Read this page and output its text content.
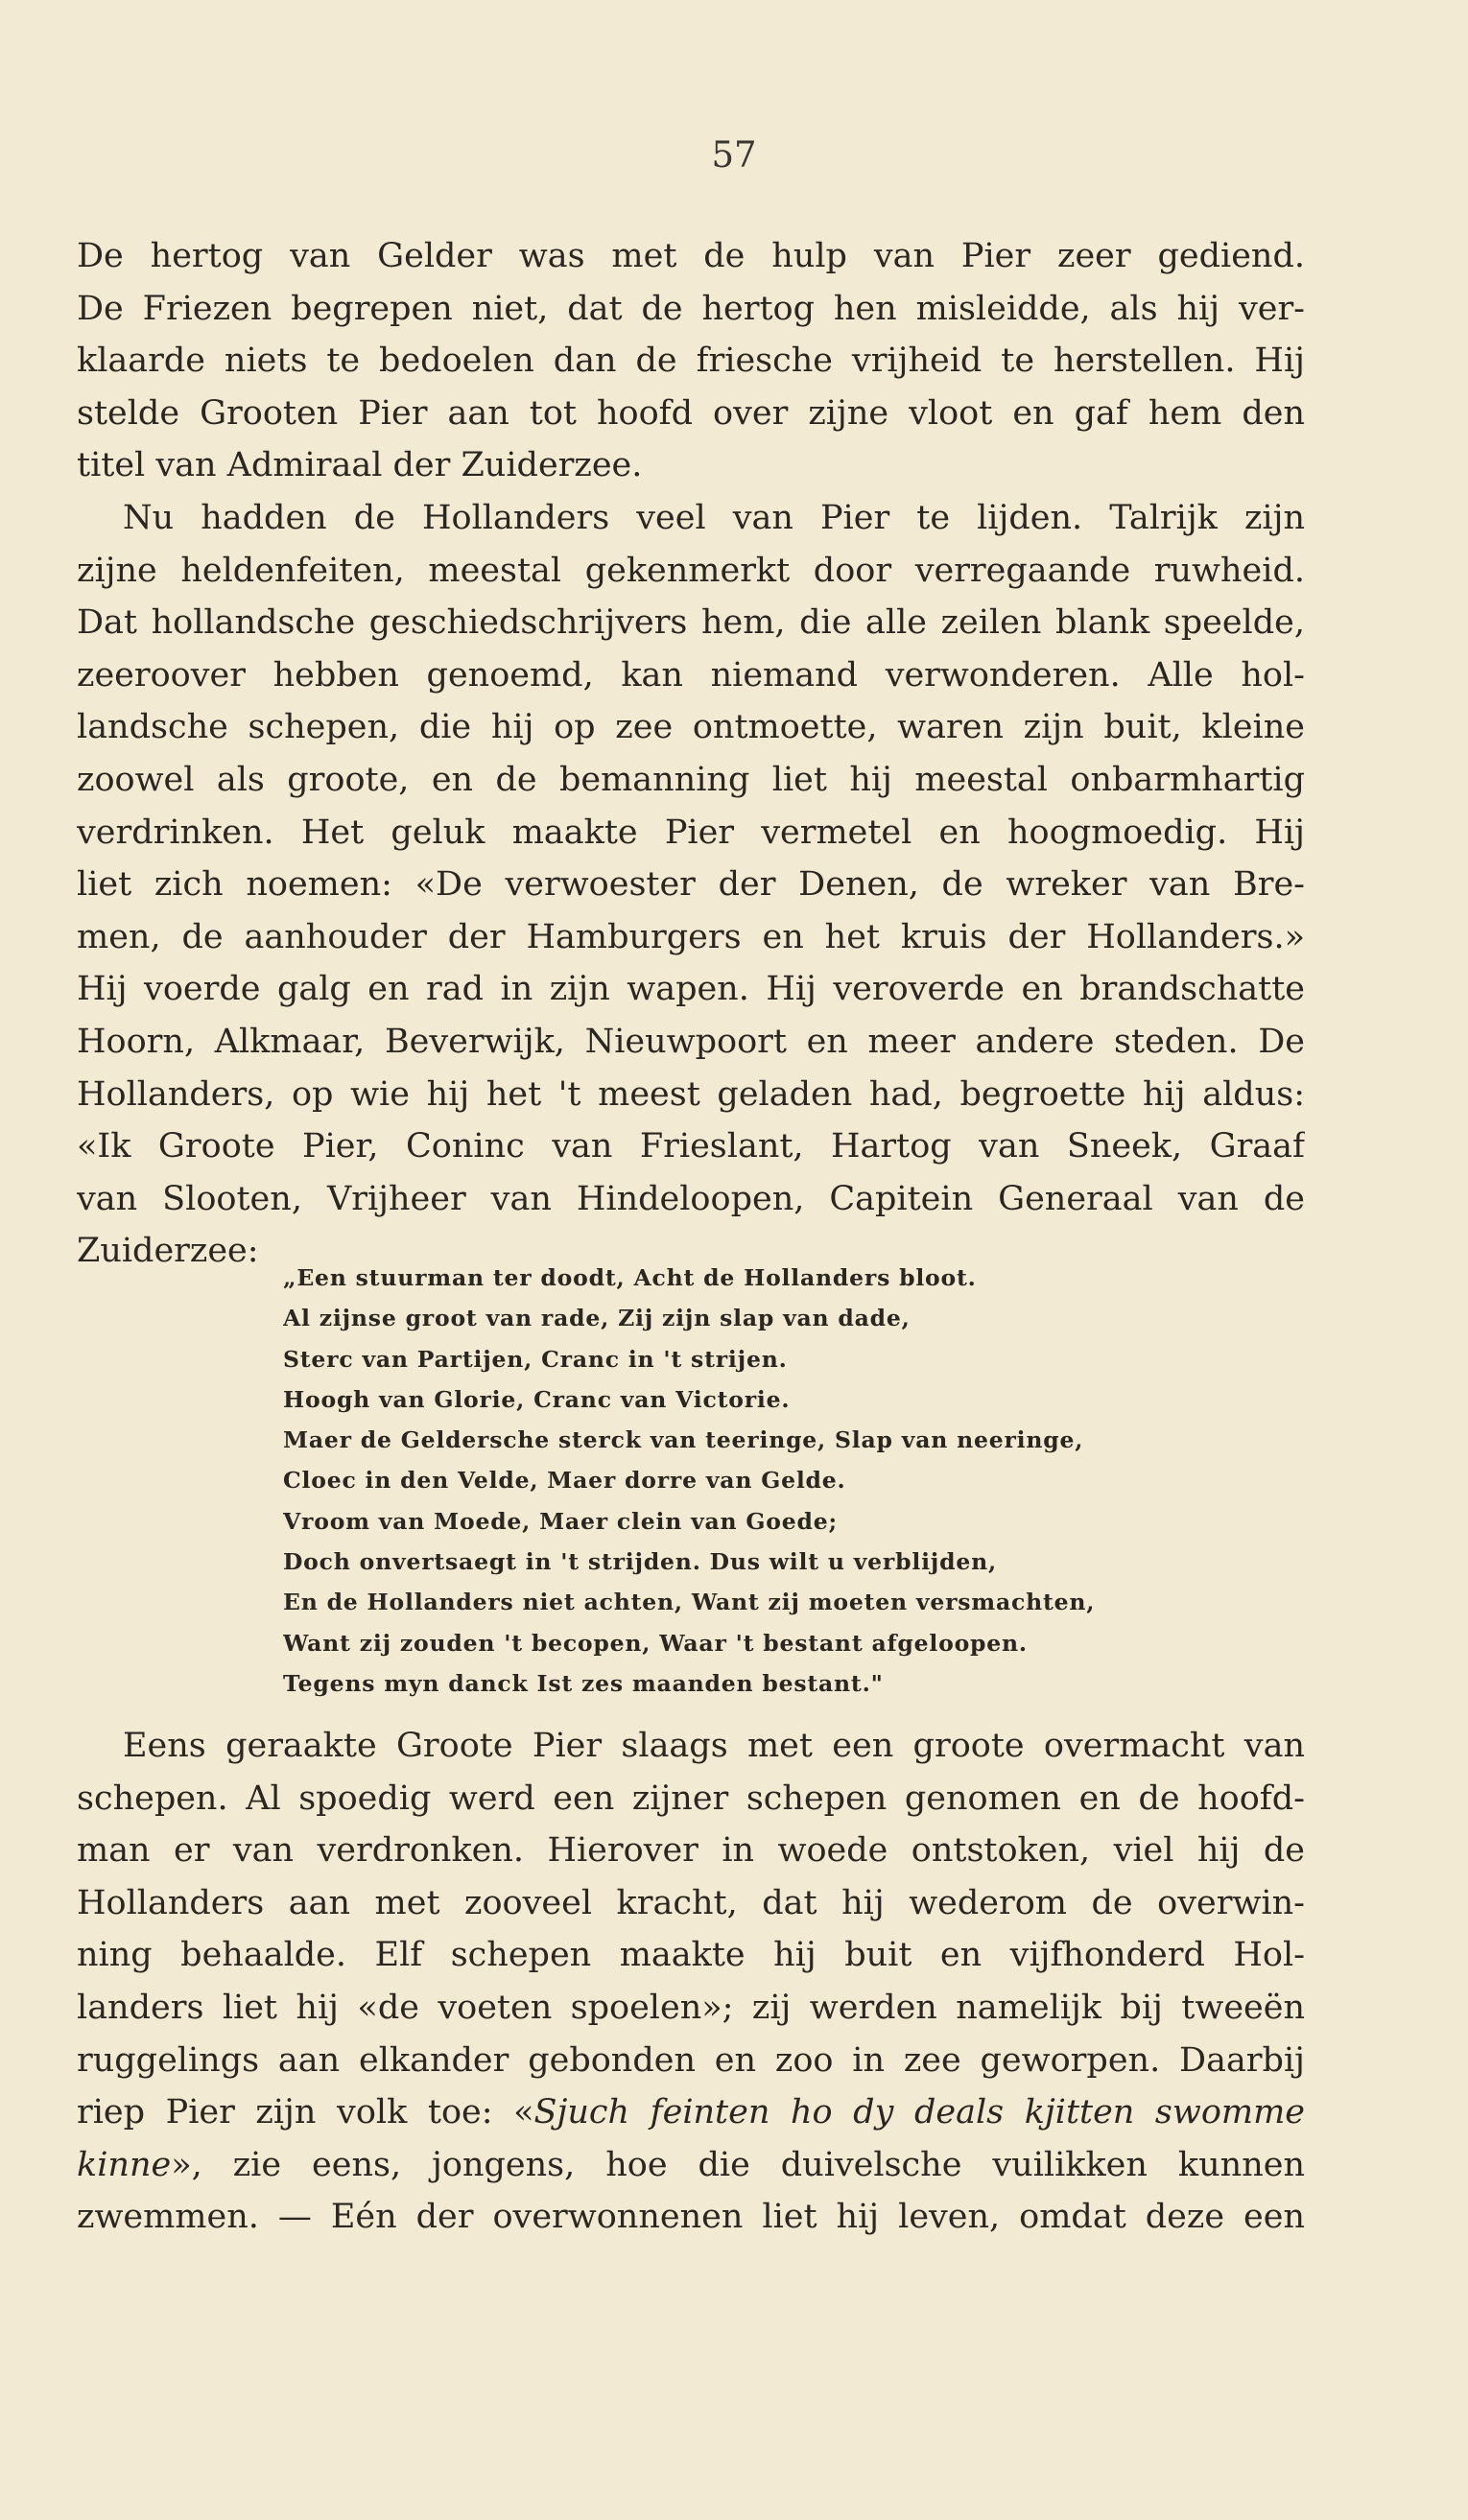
57
De hertog van Gelder was met de hulp van Pier zeer gediend.
De Friezen begrepen niet, dat de hertog hen misleidde, als hij ver-
klaarde niets te bedoelen dan de friesche vrijheid te herstellen. Hij
stelde Grooten Pier aan tot hoofd over zijne vloot en gaf hem den
titel van Admiraal der Zuiderzee.
Nu hadden de Hollanders veel van Pier te lijden. Talrijk zijn
zijne heldenfeiten, meestal gekenmerkt door verregaande ruwheid.
Dat hollandsche geschiedschrijvers hem, die alle zeilen blank speelde,
zeeroover hebben genoemd, kan niemand verwonderen. Alle hol-
landsche schepen, die hij op zee ontmoette, waren zijn buit, kleine
zoowel als groote, en de bemanning liet hij meestal onbarmhartig
verdrinken. Het geluk maakte Pier vermetel en hoogmoedig. Hij
liet zich noemen: «De verwoester der Denen, de wreker van Bre-
men, de aanhouder der Hamburgers en het kruis der Hollanders.»
Hij voerde galg en rad in zijn wapen. Hij veroverde en brandschatte
Hoorn, Alkmaar, Beverwijk, Nieuwpoort en meer andere steden. De
Hollanders, op wie hij het 't meest geladen had, begroette hij aldus:
«Ik Groote Pier, Coninc van Frieslant, Hartog van Sneek, Graaf
van Slooten, Vrijheer van Hindeloopen, Capitein Generaal van de
Zuiderzee:
„Een stuurman ter doodt, Acht de Hollanders bloot.
Al zijnse groot van rade, Zij zijn slap van dade,
Sterc van Partijen, Cranc in 't strijen.
Hoogh van Glorie, Cranc van Victorie.
Maer de Geldersche sterck van teeringe, Slap van neeringe,
Cloec in den Velde, Maer dorre van Gelde.
Vroom van Moede, Maer clein van Goede;
Doch onvertsaegt in 't strijden. Dus wilt u verblijden,
En de Hollanders niet achten, Want zij moeten versmachten,
Want zij zouden 't becopen, Waar 't bestant afgeloopen.
Tegens myn danck Ist zes maanden bestant."
Eens geraakte Groote Pier slaags met een groote overmacht van
schepen. Al spoedig werd een zijner schepen genomen en de hoofd-
man er van verdronken. Hierover in woede ontstoken, viel hij de
Hollanders aan met zooveel kracht, dat hij wederom de overwin-
ning behaalde. Elf schepen maakte hij buit en vijfhonderd Hol-
landers liet hij «de voeten spoelen»; zij werden namelijk bij tweeën
ruggelings aan elkander gebonden en zoo in zee geworpen. Daarbij
riep Pier zijn volk toe: «Sjuch feinten ho dy deals kjitten swomme
kinne», zie eens, jongens, hoe die duivelsche vuilikken kunnen
zwemmen. — Eén der overwonnenen liet hij leven, omdat deze een
